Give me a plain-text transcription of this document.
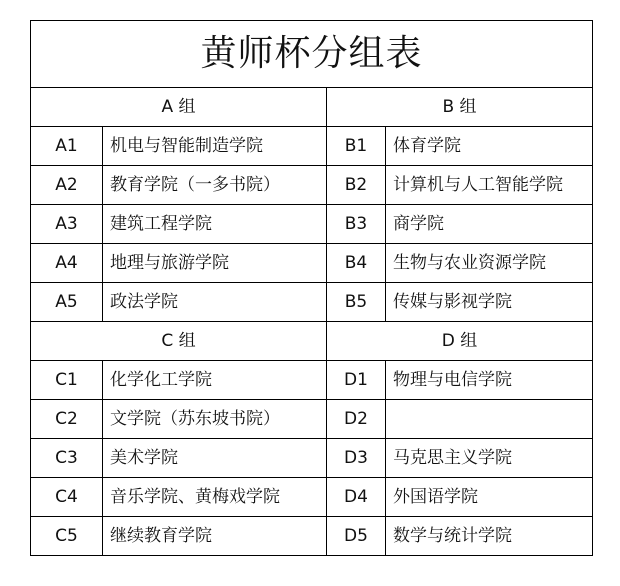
黄师杯分组表			
A 组		B 组	
A1	机电与智能制造学院	B1	体育学院
A2	教育学院（一多书院）	B2	计算机与人工智能学院
A3	建筑工程学院	B3	商学院
A4	地理与旅游学院	B4	生物与农业资源学院
A5	政法学院	B5	传媒与影视学院
C 组		D 组	
C1	化学化工学院	D1	物理与电信学院
C2	文学院（苏东坡书院）	D2	
C3	美术学院	D3	马克思主义学院
C4	音乐学院、黄梅戏学院	D4	外国语学院
C5	继续教育学院	D5	数学与统计学院
